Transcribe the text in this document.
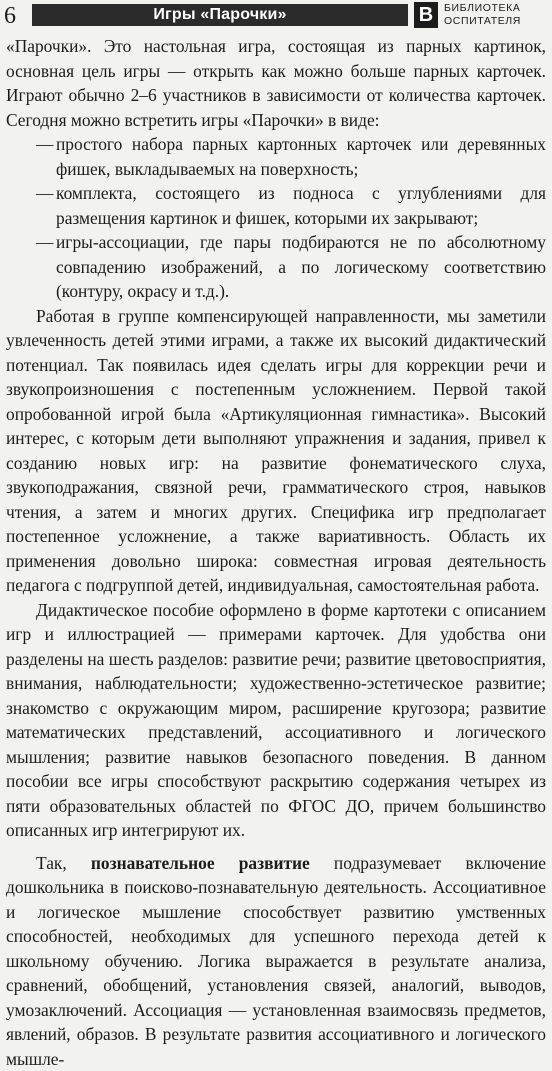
6	Игры «Парочки»	В	БИБЛИОТЕКА
ОСПИТАТЕЛЯ

«Парочки». Это настольная игра, состоящая из парных картинок, основная цель игры — открыть как можно больше парных карточек. Играют обычно 2–6 участников в зависимости от количества карточек. Сегодня можно встретить игры «Парочки» в виде:

— простого набора парных картонных карточек или деревянных фишек, выкладываемых на поверхность;
— комплекта, состоящего из подноса с углублениями для размещения картинок и фишек, которыми их закрывают;
— игры-ассоциации, где пары подбираются не по абсолютному совпадению изображений, а по логическому соответствию (контуру, окрасу и т.д.).

Работая в группе компенсирующей направленности, мы заметили увлеченность детей этими играми, а также их высокий дидактический потенциал. Так появилась идея сделать игры для коррекции речи и звукопроизношения с постепенным усложнением. Первой такой опробованной игрой была «Артикуляционная гимнастика». Высокий интерес, с которым дети выполняют упражнения и задания, привел к созданию новых игр: на развитие фонематического слуха, звукоподражания, связной речи, грамматического строя, навыков чтения, а затем и многих других. Специфика игр предполагает постепенное усложнение, а также вариативность. Область их применения довольно широка: совместная игровая деятельность педагога с подгруппой детей, индивидуальная, самостоятельная работа.

Дидактическое пособие оформлено в форме картотеки с описанием игр и иллюстрацией — примерами карточек. Для удобства они разделены на шесть разделов: развитие речи; развитие цветовосприятия, внимания, наблюдательности; художественно-эстетическое развитие; знакомство с окружающим миром, расширение кругозора; развитие математических представлений, ассоциативного и логического мышления; развитие навыков безопасного поведения. В данном пособии все игры способствуют раскрытию содержания четырех из пяти образовательных областей по ФГОС ДО, причем большинство описанных игр интегрируют их.

Так, познавательное развитие подразумевает включение дошкольника в поисково-познавательную деятельность. Ассоциативное и логическое мышление способствует развитию умственных способностей, необходимых для успешного перехода детей к школьному обучению. Логика выражается в результате анализа, сравнений, обобщений, установления связей, аналогий, выводов, умозаключений. Ассоциация — установленная взаимосвязь предметов, явлений, образов. В результате развития ассоциативного и логического мышле-
